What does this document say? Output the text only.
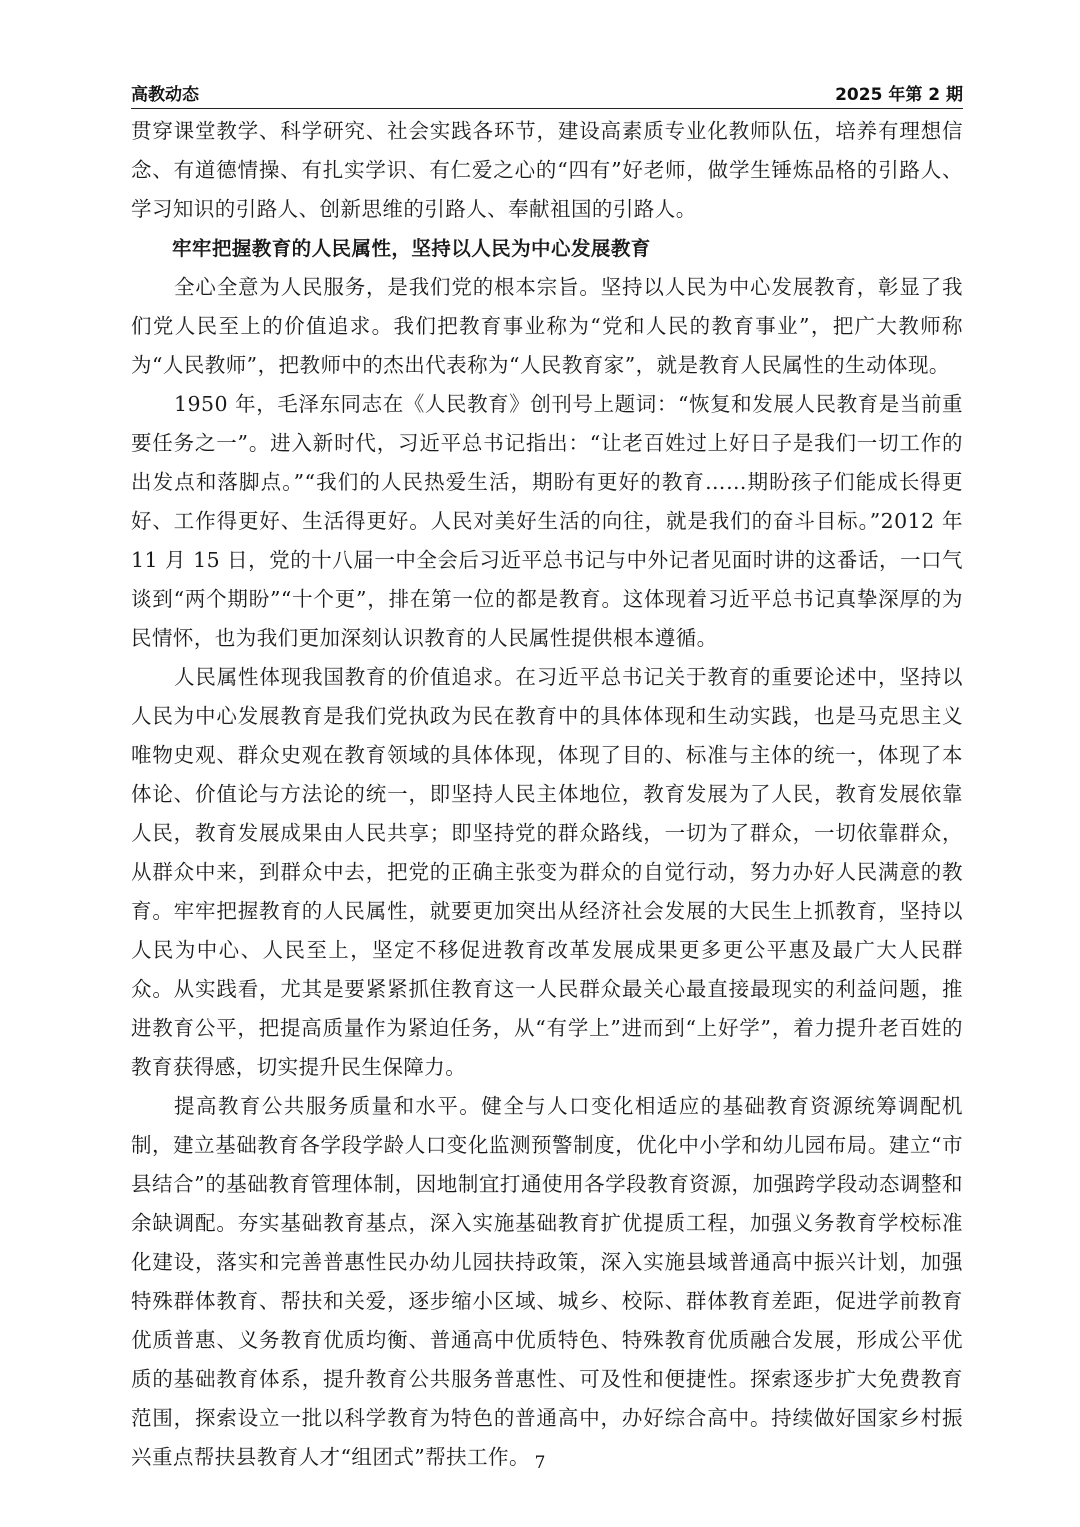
高教动态	2025 年第 2 期

贯穿课堂教学、科学研究、社会实践各环节，建设高素质专业化教师队伍，培养有理想信念、有道德情操、有扎实学识、有仁爱之心的“四有”好老师，做学生锤炼品格的引路人、学习知识的引路人、创新思维的引路人、奉献祖国的引路人。

牢牢把握教育的人民属性，坚持以人民为中心发展教育

全心全意为人民服务，是我们党的根本宗旨。坚持以人民为中心发展教育，彰显了我们党人民至上的价值追求。我们把教育事业称为“党和人民的教育事业”，把广大教师称为“人民教师”，把教师中的杰出代表称为“人民教育家”，就是教育人民属性的生动体现。

1950 年，毛泽东同志在《人民教育》创刊号上题词：“恢复和发展人民教育是当前重要任务之一”。进入新时代，习近平总书记指出：“让老百姓过上好日子是我们一切工作的出发点和落脚点。”“我们的人民热爱生活，期盼有更好的教育……期盼孩子们能成长得更好、工作得更好、生活得更好。人民对美好生活的向往，就是我们的奋斗目标。”2012 年 11 月 15 日，党的十八届一中全会后习近平总书记与中外记者见面时讲的这番话，一口气谈到“两个期盼”“十个更”，排在第一位的都是教育。这体现着习近平总书记真挚深厚的为民情怀，也为我们更加深刻认识教育的人民属性提供根本遵循。

人民属性体现我国教育的价值追求。在习近平总书记关于教育的重要论述中，坚持以人民为中心发展教育是我们党执政为民在教育中的具体体现和生动实践，也是马克思主义唯物史观、群众史观在教育领域的具体体现，体现了目的、标准与主体的统一，体现了本体论、价值论与方法论的统一，即坚持人民主体地位，教育发展为了人民，教育发展依靠人民，教育发展成果由人民共享；即坚持党的群众路线，一切为了群众，一切依靠群众，从群众中来，到群众中去，把党的正确主张变为群众的自觉行动，努力办好人民满意的教育。牢牢把握教育的人民属性，就要更加突出从经济社会发展的大民生上抓教育，坚持以人民为中心、人民至上，坚定不移促进教育改革发展成果更多更公平惠及最广大人民群众。从实践看，尤其是要紧紧抓住教育这一人民群众最关心最直接最现实的利益问题，推进教育公平，把提高质量作为紧迫任务，从“有学上”进而到“上好学”，着力提升老百姓的教育获得感，切实提升民生保障力。

提高教育公共服务质量和水平。健全与人口变化相适应的基础教育资源统筹调配机制，建立基础教育各学段学龄人口变化监测预警制度，优化中小学和幼儿园布局。建立“市县结合”的基础教育管理体制，因地制宜打通使用各学段教育资源，加强跨学段动态调整和余缺调配。夯实基础教育基点，深入实施基础教育扩优提质工程，加强义务教育学校标准化建设，落实和完善普惠性民办幼儿园扶持政策，深入实施县域普通高中振兴计划，加强特殊群体教育、帮扶和关爱，逐步缩小区域、城乡、校际、群体教育差距，促进学前教育优质普惠、义务教育优质均衡、普通高中优质特色、特殊教育优质融合发展，形成公平优质的基础教育体系，提升教育公共服务普惠性、可及性和便捷性。探索逐步扩大免费教育范围，探索设立一批以科学教育为特色的普通高中，办好综合高中。持续做好国家乡村振兴重点帮扶县教育人才“组团式”帮扶工作。 7
